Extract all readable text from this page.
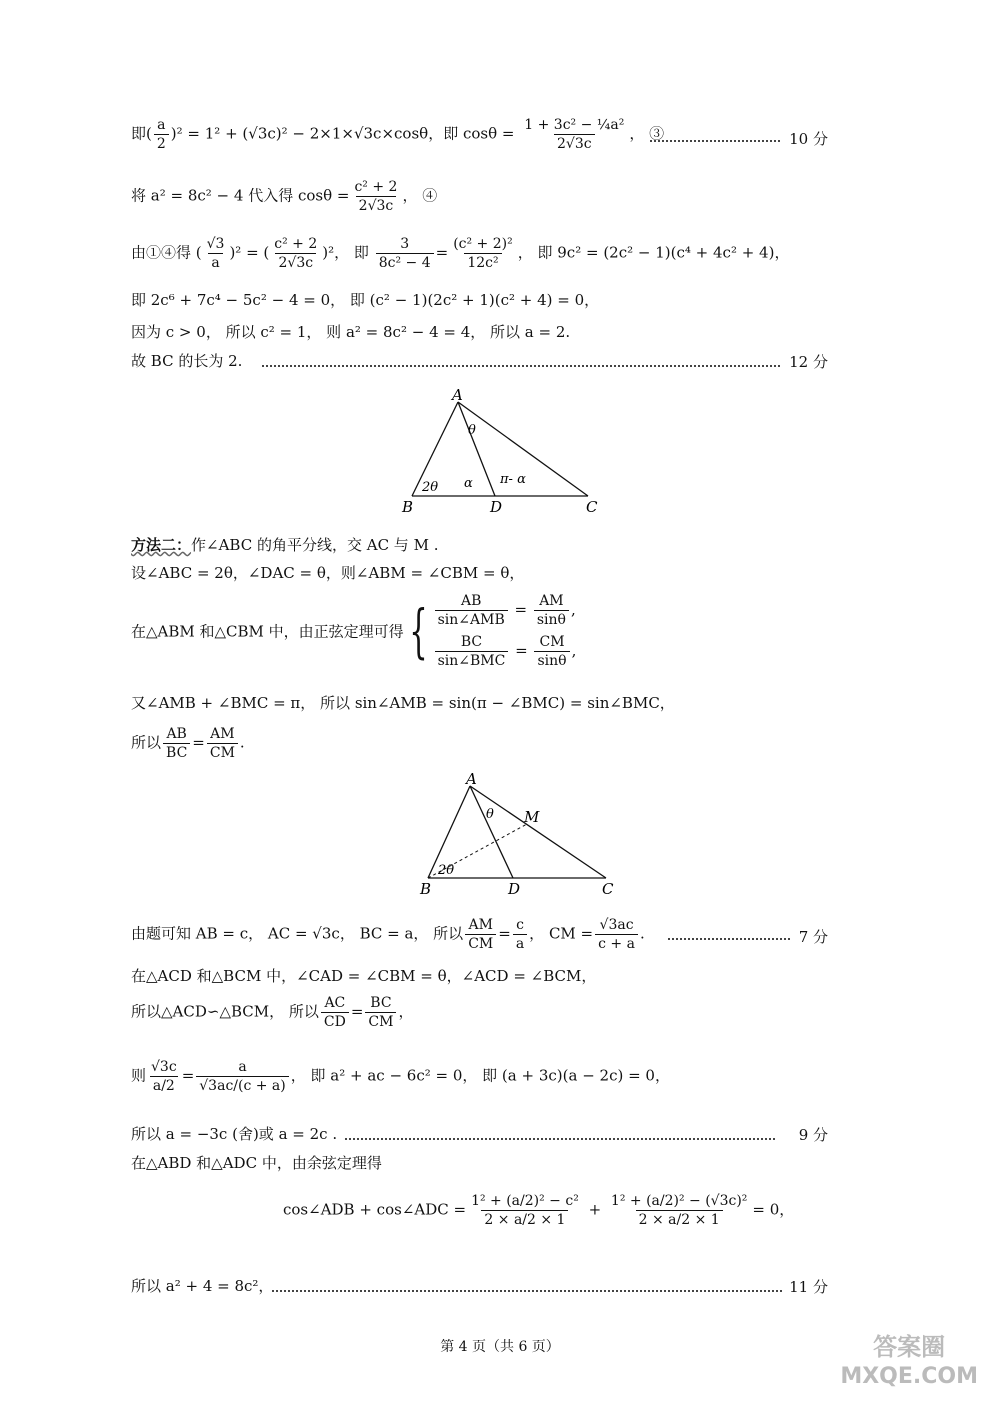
即( $\frac{a}{2} )^2 = 1^2 + (√3c)^2 - 2\times 1\times√3c\times\cos\theta$，即 $\cos\theta = \frac{\text{1 + 3c² − ¼a²}}{2√3c}$ ， ③	10 分
将 a² = 8c² − 4 代入得 $\cos\theta = \frac{\text{c² + 2}}{2√3c}$ ， ④
由①④得 ( $\frac{√3}{a} )^2$ = ( $\frac{\text{c² + 2}}{2√3c} )^2$， 即 $\frac{3}{\text{8c² − 4}} = \frac{\text{(c² + 2)²}}{\text{12c²}}$ ， 即 9c² = (2c² − 1)(c⁴ + 4c² + 4)，
即 2c⁶ + 7c⁴ − 5c² − 4 = 0， 即 (c² − 1)(2c² + 1)(c² + 4) = 0，
因为 c > 0， 所以 c² = 1， 则 a² = 8c² − 4 = 4， 所以 a = 2.
故 BC 的长为 2.	12 分
A
B	D	C
θ
2θ α π- α
方法二：作∠ABC 的角平分线，交 AC 与 M .
设∠ABC = 2θ，∠DAC = θ，则∠ABM = ∠CBM = θ，
在△ABM 和△CBM 中，由正弦定理可得{ $\frac{AB}{\text{sin∠AMB}} = \frac{AM}{\sin\theta}$ ,
$\frac{BC}{\text{sin∠BMC}} = \frac{CM}{\sin\theta}$ ,
又∠AMB + ∠BMC = π， 所以 sin∠AMB = sin(π − ∠BMC) = sin∠BMC，
所以 $\frac{AB}{BC} = \frac{AM}{CM}$ .
A
M
B	D	C
θ
2θ
由题可知 AB = c， AC = √3c， BC = a， 所以 $\frac{AM}{CM} = \frac{c}{a}$ ， CM = $\frac{√3ac}{c + a}$ .	7 分
在△ACD 和△BCM 中，∠CAD = ∠CBM = θ，∠ACD = ∠BCM，
所以△ACD∽△BCM， 所以 $\frac{AC}{CD} = \frac{BC}{CM}$ ，
则 $\frac{√3c}{a/2} = \frac{a}{√3ac/(c + a)}$ ， 即 a² + ac − 6c² = 0， 即 (a + 3c)(a − 2c) = 0，
所以 a = −3c (舍)或 a = 2c .	9 分
在△ABD 和△ADC 中，由余弦定理得
cos∠ADB + cos∠ADC = $\frac{\text{1² + (a/2)² − c²}}{2 \times a/2 \times 1} + \frac{\text{1² + (a/2)² − (√3c)²}}{2 \times a/2 \times 1} = 0$，
所以 a² + 4 = 8c²，	11 分
第 4 页（共 6 页）	答案圈
MXQE.COM
